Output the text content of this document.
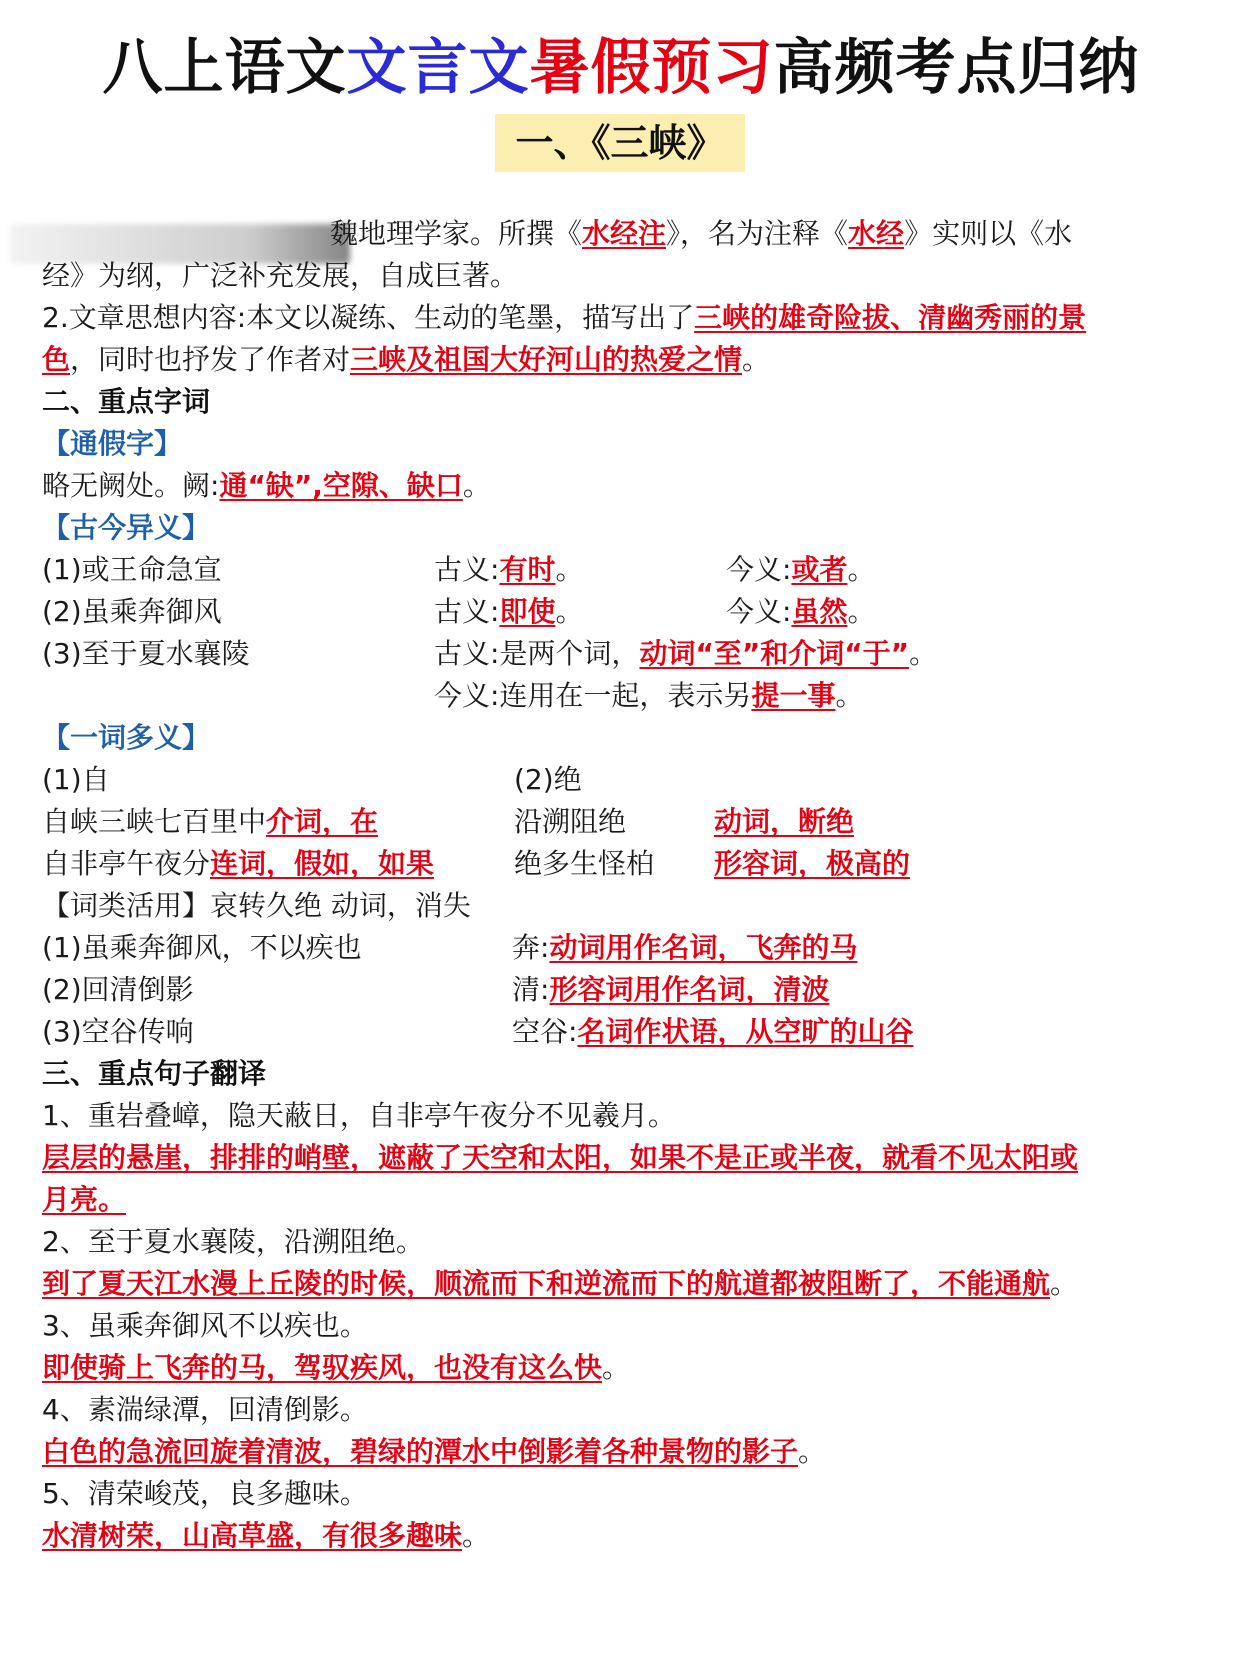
八上语文文言文暑假预习高频考点归纳
一、《三峡》
魏地理学家。所撰《水经注》，名为注释《水经》实则以《水
经》为纲，广泛补充发展，自成巨著。
2.文章思想内容:本文以凝练、生动的笔墨，描写出了三峡的雄奇险拔、清幽秀丽的景
色，同时也抒发了作者对三峡及祖国大好河山的热爱之情。
二、重点字词
【通假字】
略无阙处。阙:通“缺”,空隙、缺口。
【古今异义】
(1)或王命急宣	古义:有时。	今义:或者。
(2)虽乘奔御风	古义:即使。	今义:虽然。
(3)至于夏水襄陵	古义:是两个词，动词“至”和介词“于”。
今义:连用在一起，表示另提一事。
【一词多义】
(1)自	(2)绝
自峡三峡七百里中介词，在	沿溯阻绝	动词，断绝
自非亭午夜分连词，假如，如果	绝多生怪柏 形容词，极高的
【词类活用】哀转久绝 动词，消失
(1)虽乘奔御风，不以疾也	奔:动词用作名词，飞奔的马
(2)回清倒影	清:形容词用作名词，清波
(3)空谷传响	空谷:名词作状语，从空旷的山谷
三、重点句子翻译
1、重岩叠嶂，隐天蔽日，自非亭午夜分不见羲月。
层层的悬崖，排排的峭壁，遮蔽了天空和太阳，如果不是正或半夜，就看不见太阳或
月亮。
2、至于夏水襄陵，沿溯阻绝。
到了夏天江水漫上丘陵的时候，顺流而下和逆流而下的航道都被阻断了，不能通航。
3、虽乘奔御风不以疾也。
即使骑上飞奔的马，驾驭疾风，也没有这么快。
4、素湍绿潭，回清倒影。
白色的急流回旋着清波，碧绿的潭水中倒影着各种景物的影子。
5、清荣峻茂，良多趣味。
水清树荣，山高草盛，有很多趣味。
